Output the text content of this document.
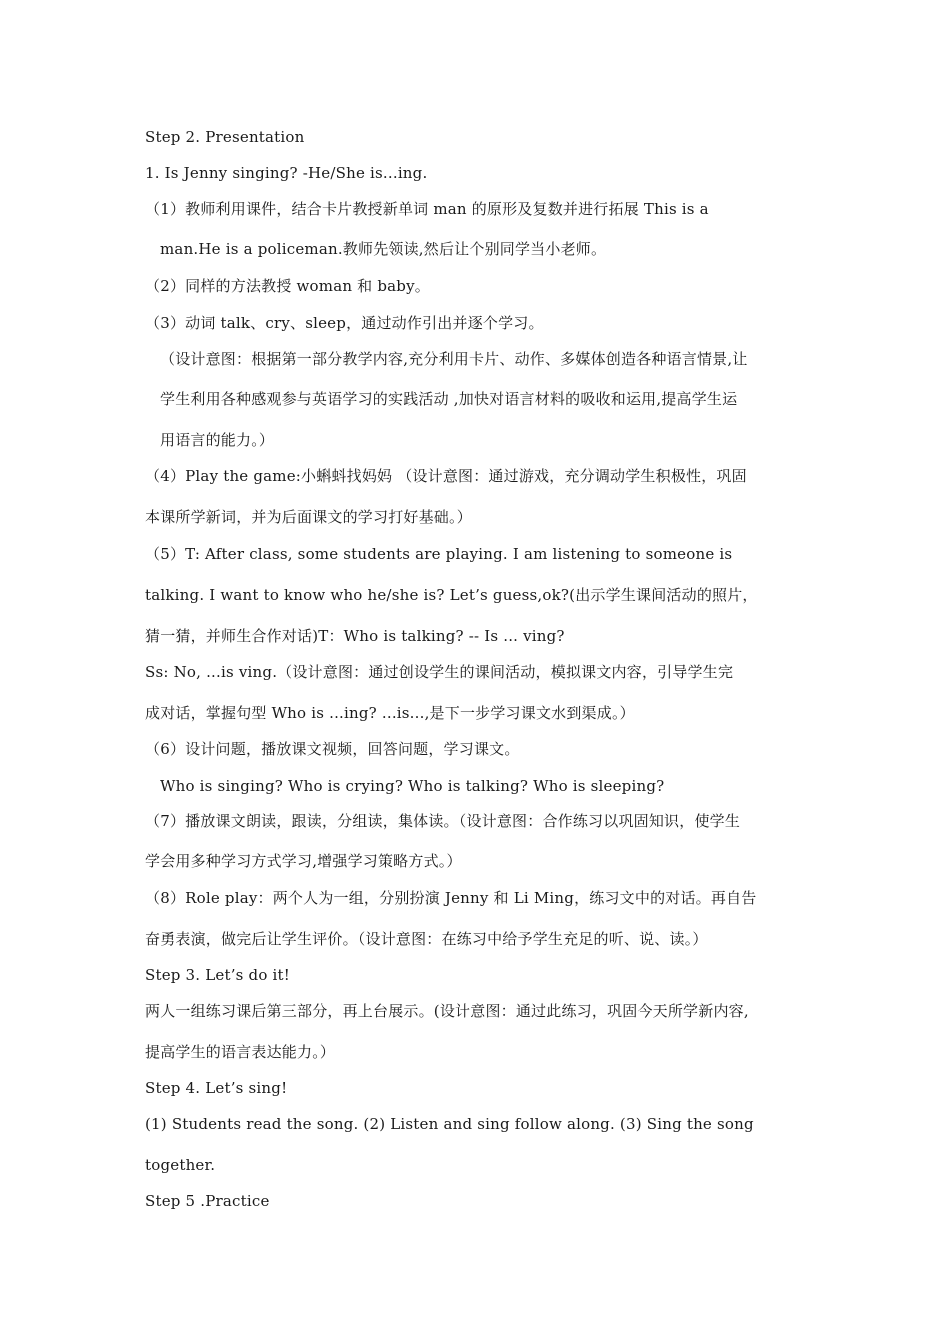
Step 2. Presentation
1. Is Jenny singing? -He/She is...ing.
（1）教师利用课件，结合卡片教授新单词 man 的原形及复数并进行拓展 This is a
man.He is a policeman.教师先领读,然后让个别同学当小老师。
（2）同样的方法教授 woman 和 baby。
（3）动词 talk、cry、sleep，通过动作引出并逐个学习。
（设计意图：根据第一部分教学内容,充分利用卡片、动作、多媒体创造各种语言情景,让
学生利用各种感观参与英语学习的实践活动 ,加快对语言材料的吸收和运用,提高学生运
用语言的能力。）
（4）Play the game:小蝌蚪找妈妈 （设计意图：通过游戏，充分调动学生积极性，巩固
本课所学新词，并为后面课文的学习打好基础。）
（5）T: After class, some students are playing. I am listening to someone is
talking. I want to know who he/she is? Let’s guess,ok?(出示学生课间活动的照片，
猜一猜，并师生合作对话)T：Who is talking? -- Is ... ving?
Ss: No, ...is ving.（设计意图：通过创设学生的课间活动，模拟课文内容，引导学生完
成对话，掌握句型 Who is ...ing? ...is...,是下一步学习课文水到渠成。）
（6）设计问题，播放课文视频，回答问题，学习课文。
Who is singing? Who is crying? Who is talking? Who is sleeping?
（7）播放课文朗读，跟读，分组读，集体读。（设计意图：合作练习以巩固知识，使学生
学会用多种学习方式学习,增强学习策略方式。）
（8）Role play：两个人为一组，分别扮演 Jenny 和 Li Ming，练习文中的对话。再自告
奋勇表演，做完后让学生评价。（设计意图：在练习中给予学生充足的听、说、读。）
Step 3. Let’s do it!
两人一组练习课后第三部分，再上台展示。(设计意图：通过此练习，巩固今天所学新内容,
提高学生的语言表达能力。）
Step 4. Let’s sing!
(1) Students read the song. (2) Listen and sing follow along. (3) Sing the song
together.
Step 5 .Practice
